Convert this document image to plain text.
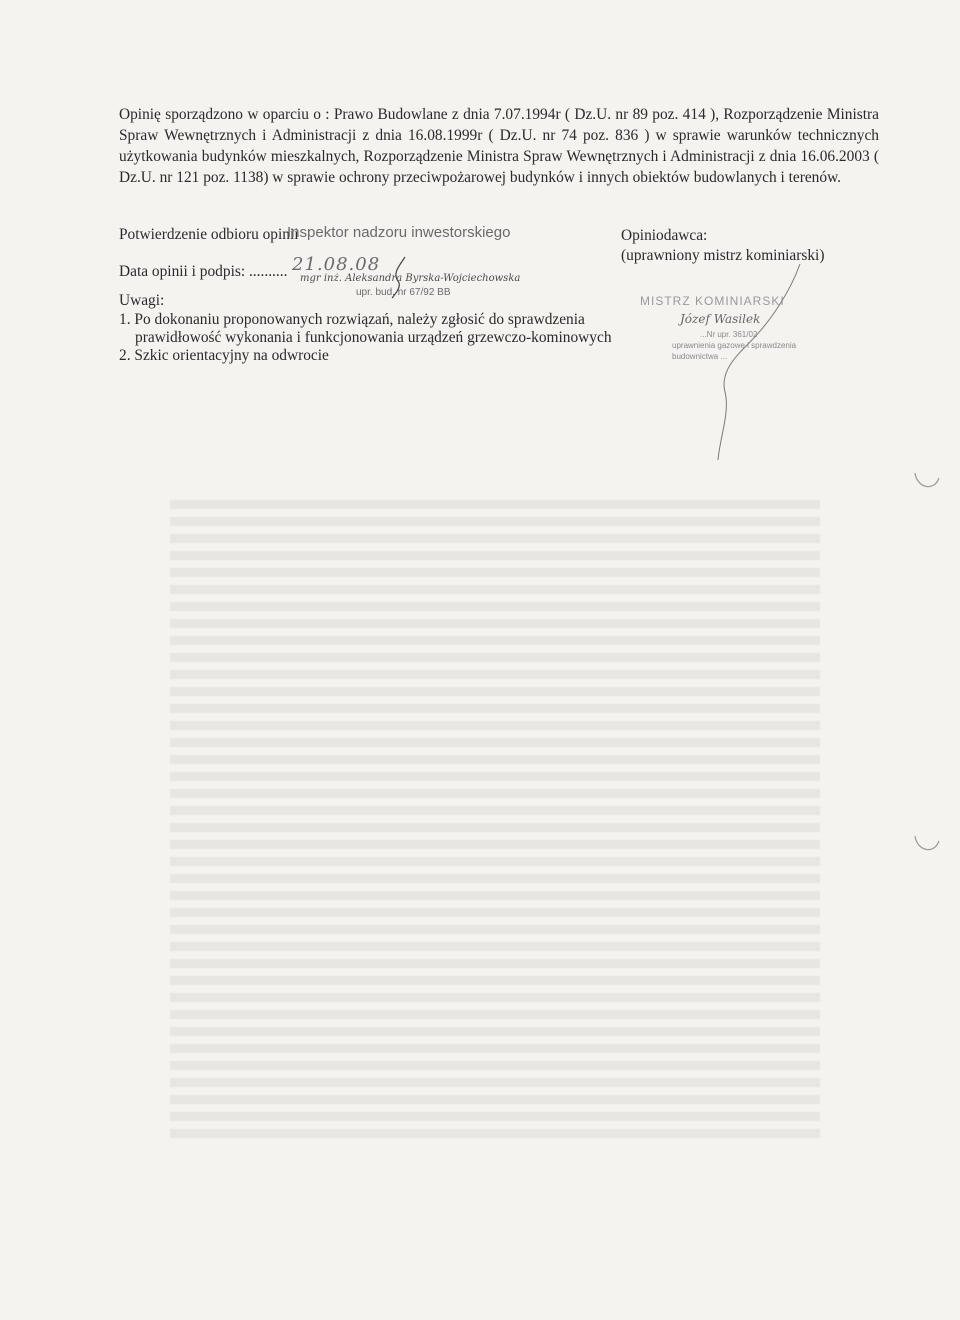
Opinię sporządzono w oparciu o : Prawo Budowlane z dnia 7.07.1994r ( Dz.U. nr 89 poz. 414 ), Rozporządzenie Ministra Spraw Wewnętrznych i Administracji z dnia 16.08.1999r ( Dz.U. nr 74 poz. 836 ) w sprawie warunków technicznych użytkowania budynków mieszkalnych, Rozporządzenie Ministra Spraw Wewnętrznych i Administracji z dnia 16.06.2003 ( Dz.U. nr 121 poz. 1138) w sprawie ochrony przeciwpożarowej budynków i innych obiektów budowlanych i terenów.

Potwierdzenie odbioru opinii
Data opinii i podpis: ..........
Inspektor nadzoru inwestorskiego
21.08.08
mgr inż. Aleksandra Byrska-Wojciechowska
upr. bud. nr 67/92 BB
Opiniodawca:
(uprawniony mistrz kominiarski)
MISTRZ KOMINIARSKI
Józef Wasilek
...Nr upr. 361/02
uprawnienia gazowe i sprawdzenia
budownictwa ...
Uwagi:
1. Po dokonaniu proponowanych rozwiązań, należy zgłosić do sprawdzenia
prawidłowość wykonania i funkcjonowania urządzeń grzewczo-kominowych
2. Szkic orientacyjny na odwrocie
